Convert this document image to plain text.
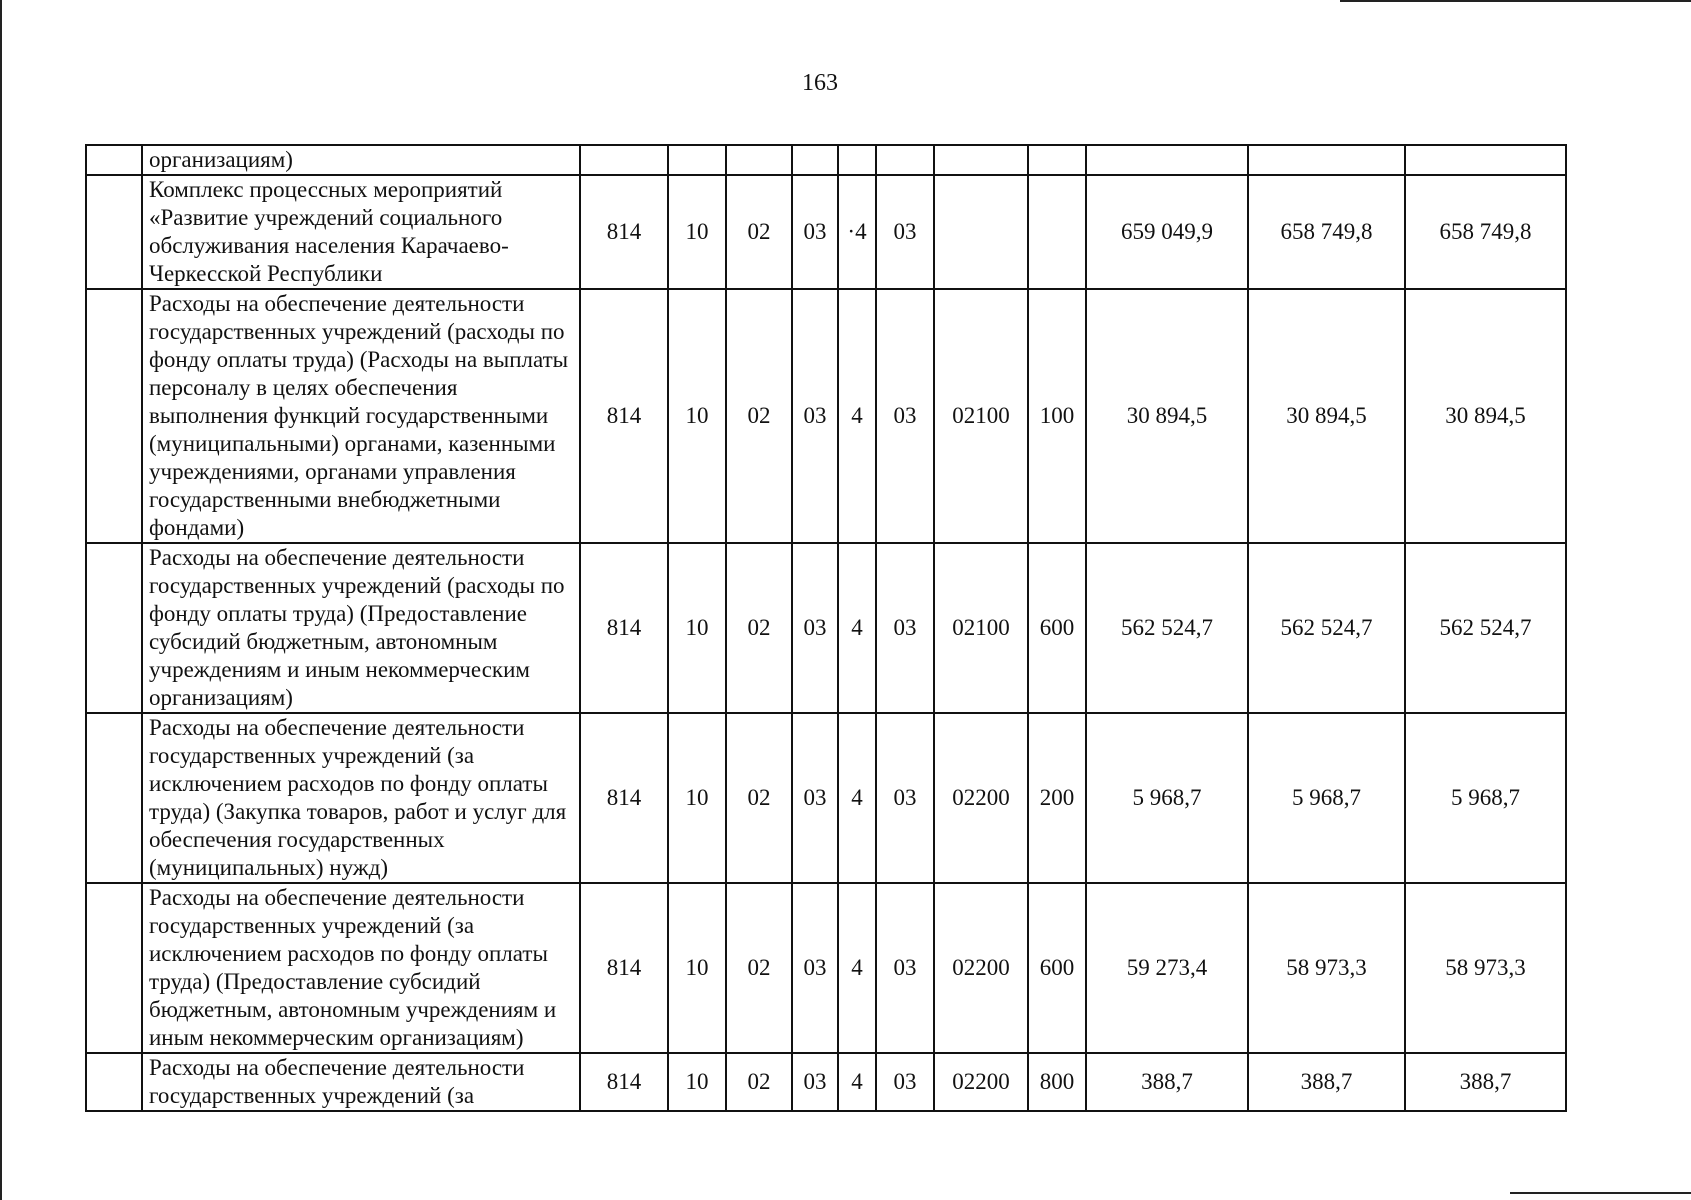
163
	организациям)											
	Комплекс процессных мероприятий «Развитие учреждений социального обслуживания населения Карачаево-Черкесской Республики	814	10	02	03	·4	03			659 049,9	658 749,8	658 749,8
	Расходы на обеспечение деятельности государственных учреждений (расходы по фонду оплаты труда) (Расходы на выплаты персоналу в целях обеспечения выполнения функций государственными (муниципальными) органами, казенными учреждениями, органами управления государственными внебюджетными фондами)	814	10	02	03	4	03	02100	100	30 894,5	30 894,5	30 894,5
	Расходы на обеспечение деятельности государственных учреждений (расходы по фонду оплаты труда) (Предоставление субсидий бюджетным, автономным учреждениям и иным некоммерческим организациям)	814	10	02	03	4	03	02100	600	562 524,7	562 524,7	562 524,7
	Расходы на обеспечение деятельности государственных учреждений (за исключением расходов по фонду оплаты труда) (Закупка товаров, работ и услуг для обеспечения государственных (муниципальных) нужд)	814	10	02	03	4	03	02200	200	5 968,7	5 968,7	5 968,7
	Расходы на обеспечение деятельности государственных учреждений (за исключением расходов по фонду оплаты труда) (Предоставление субсидий бюджетным, автономным учреждениям и иным некоммерческим организациям)	814	10	02	03	4	03	02200	600	59 273,4	58 973,3	58 973,3
	Расходы на обеспечение деятельности государственных учреждений (за	814	10	02	03	4	03	02200	800	388,7	388,7	388,7
